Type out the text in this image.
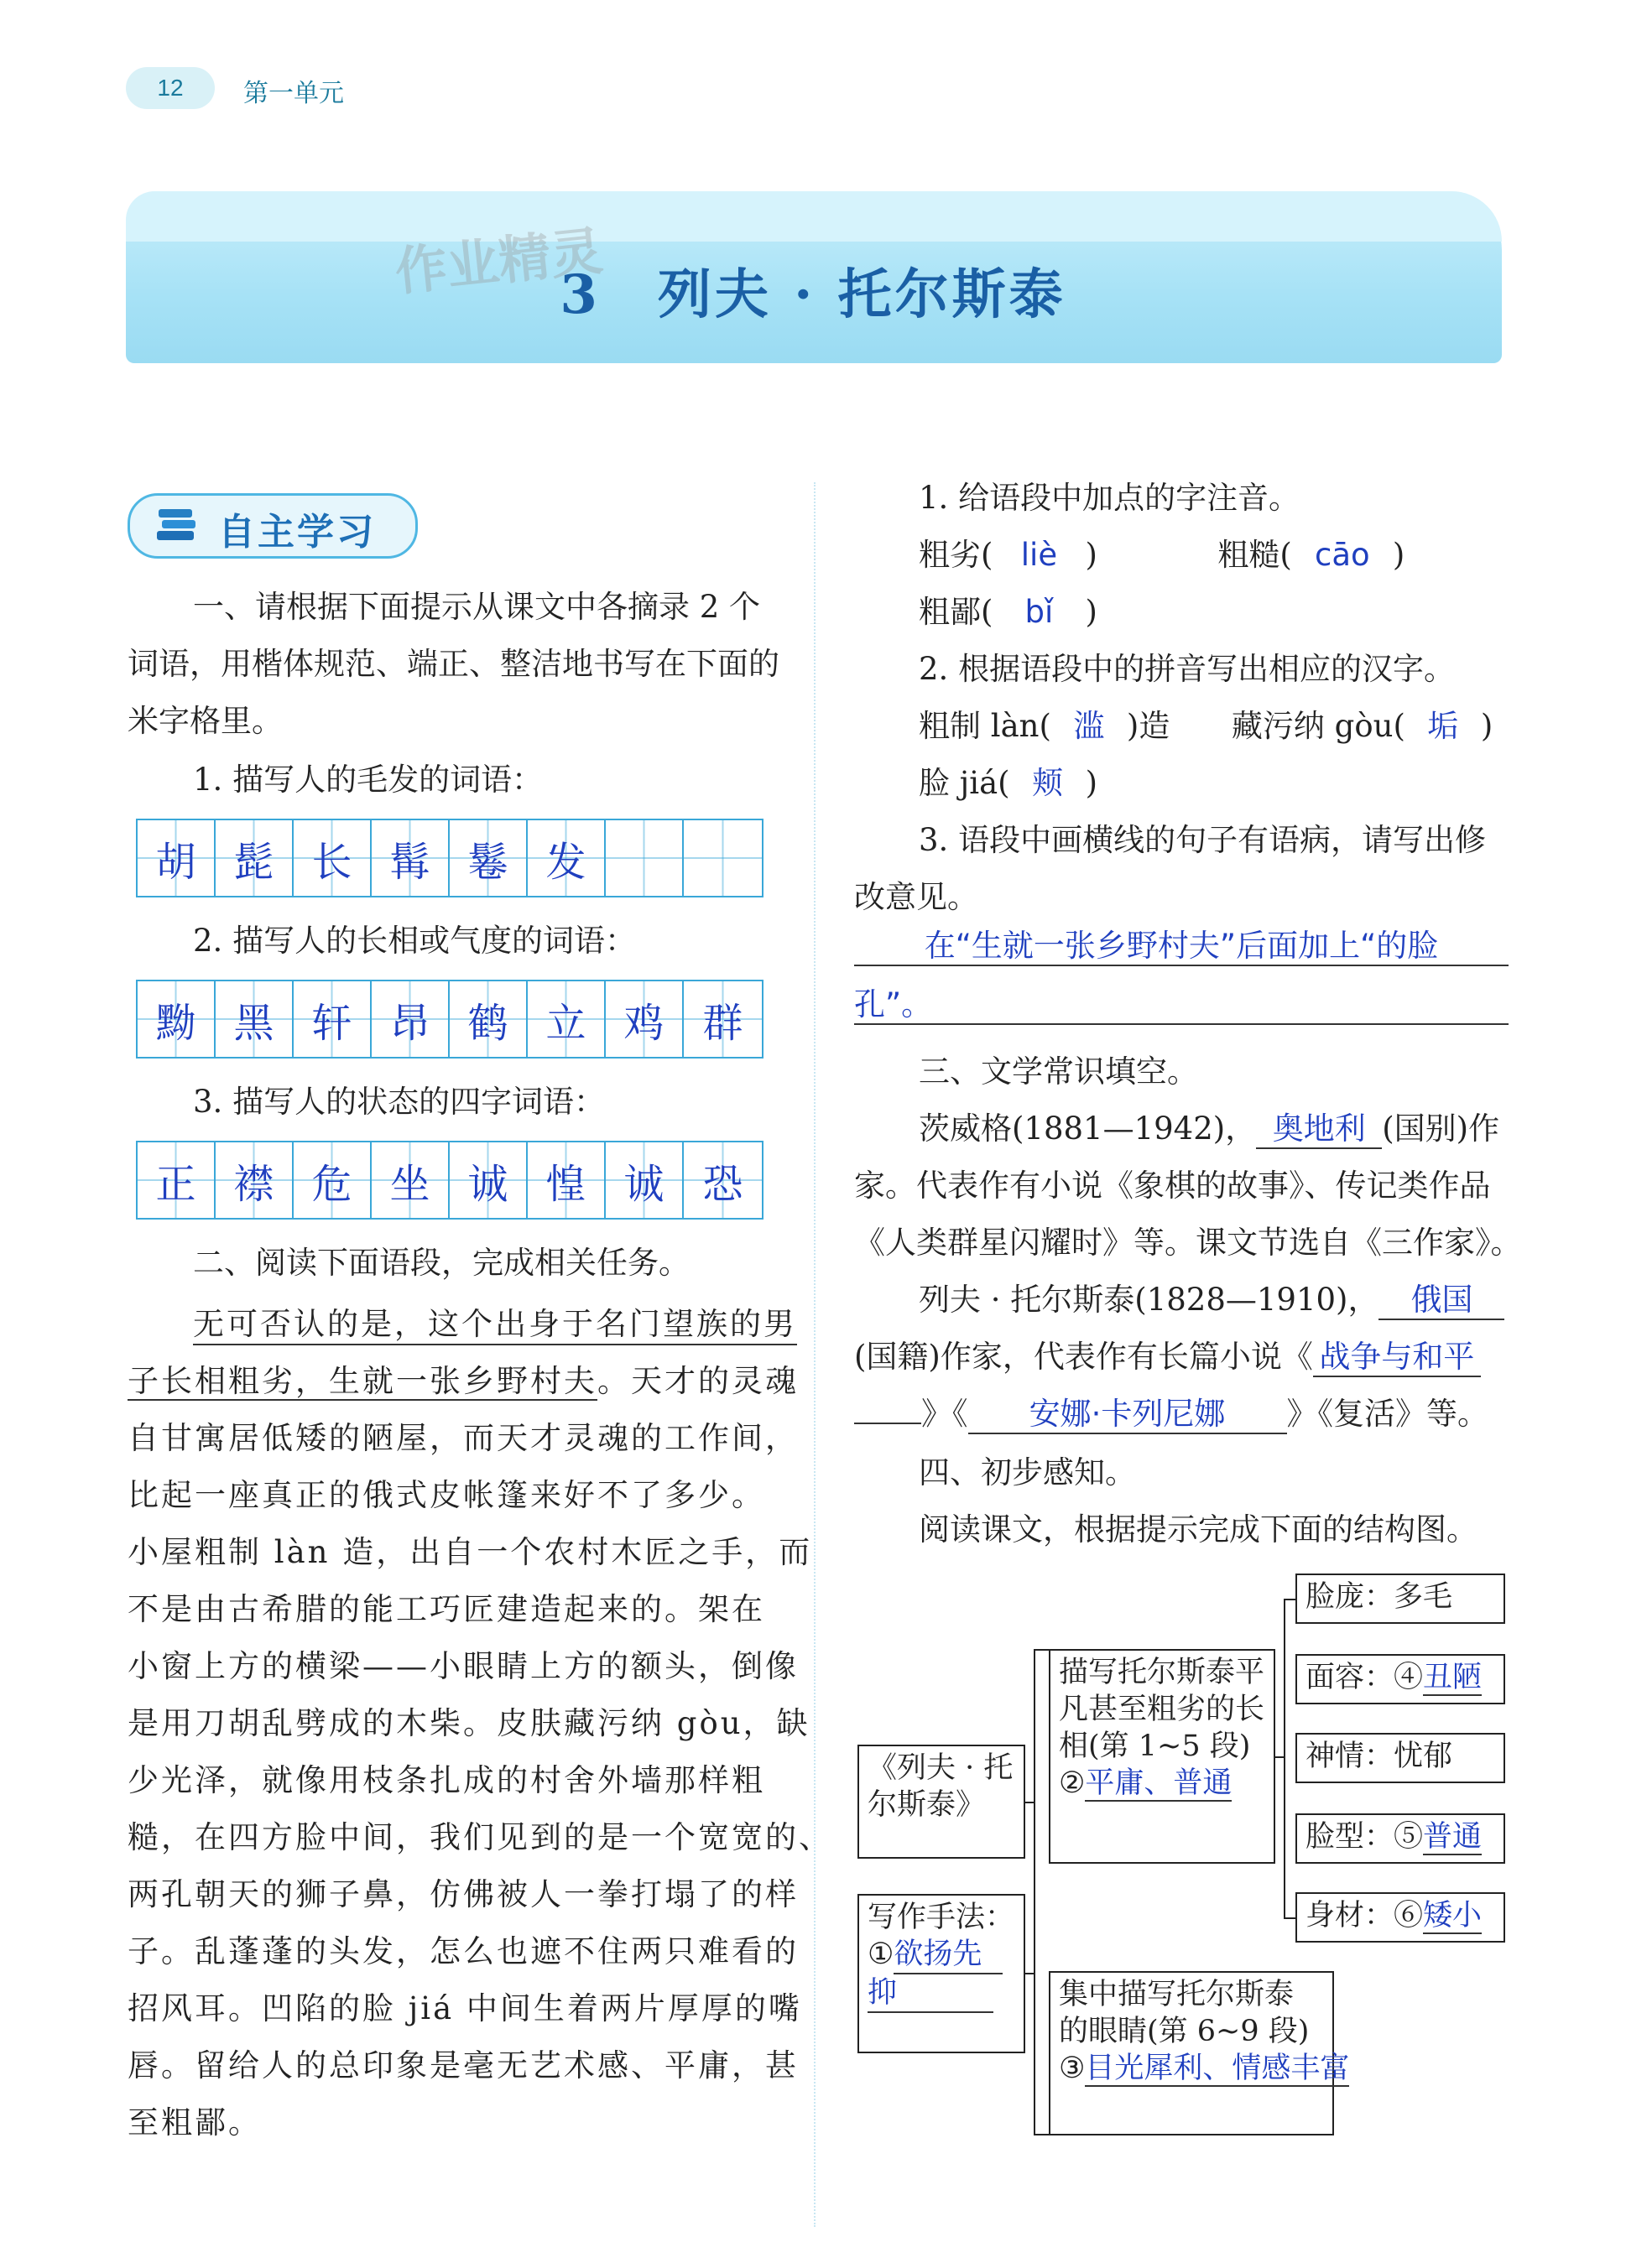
12	第一单元
作业精灵
3　列夫 · 托尔斯泰
自主学习
一、请根据下面提示从课文中各摘录 2 个
词语，用楷体规范、端正、整洁地书写在下面的
米字格里。
1. 描写人的毛发的词语：
胡 髭 长 髯 鬈 发
2. 描写人的长相或气度的词语：
黝 黑 轩 昂 鹤 立 鸡 群
3. 描写人的状态的四字词语：
正 襟 危 坐 诚 惶 诚 恐
二、阅读下面语段，完成相关任务。
无可否认的是，这个出身于名门望族的男
子长相粗劣，生就一张乡野村夫。天才的灵魂
自甘寓居低矮的陋屋，而天才灵魂的工作间，
比起一座真正的俄式皮帐篷来好不了多少。
小屋粗制 làn 造，出自一个农村木匠之手，而
不是由古希腊的能工巧匠建造起来的。架在
小窗上方的横梁——小眼睛上方的额头，倒像
是用刀胡乱劈成的木柴。皮肤藏污纳 gòu，缺
少光泽，就像用枝条扎成的村舍外墙那样粗
糙，在四方脸中间，我们见到的是一个宽宽的、
两孔朝天的狮子鼻，仿佛被人一拳打塌了的样
子。乱蓬蓬的头发，怎么也遮不住两只难看的
招风耳。凹陷的脸 jiá 中间生着两片厚厚的嘴
唇。留给人的总印象是毫无艺术感、平庸，甚
至粗鄙。
1. 给语段中加点的字注音。
粗劣( liè )	粗糙( cāo )
粗鄙( bǐ )
2. 根据语段中的拼音写出相应的汉字。
粗制 làn( 滥 )造 藏污纳 gòu( 垢 )
脸 jiá( 颊 )
3. 语段中画横线的句子有语病，请写出修
改意见。
在“生就一张乡野村夫”后面加上“的脸
孔”。
三、文学常识填空。
茨威格(1881—1942)， 奥地利 (国别)作
家。代表作有小说《象棋的故事》、传记类作品
《人类群星闪耀时》等。课文节选自《三作家》。
列夫 · 托尔斯泰(1828—1910)， 俄国
(国籍)作家，代表作有长篇小说《 战争与和平
》《 安娜·卡列尼娜 》《复活》等。
四、初步感知。
阅读课文，根据提示完成下面的结构图。
《列夫 · 托
尔斯泰》
写作手法：
①欲扬先
抑
描写托尔斯泰平
凡甚至粗劣的长
相(第 1~5 段)
②平庸、普通
集中描写托尔斯泰
的眼睛(第 6~9 段)
③目光犀利、情感丰富
脸庞：多毛
面容：④丑陋
神情：忧郁
脸型：⑤普通
身材：⑥矮小
